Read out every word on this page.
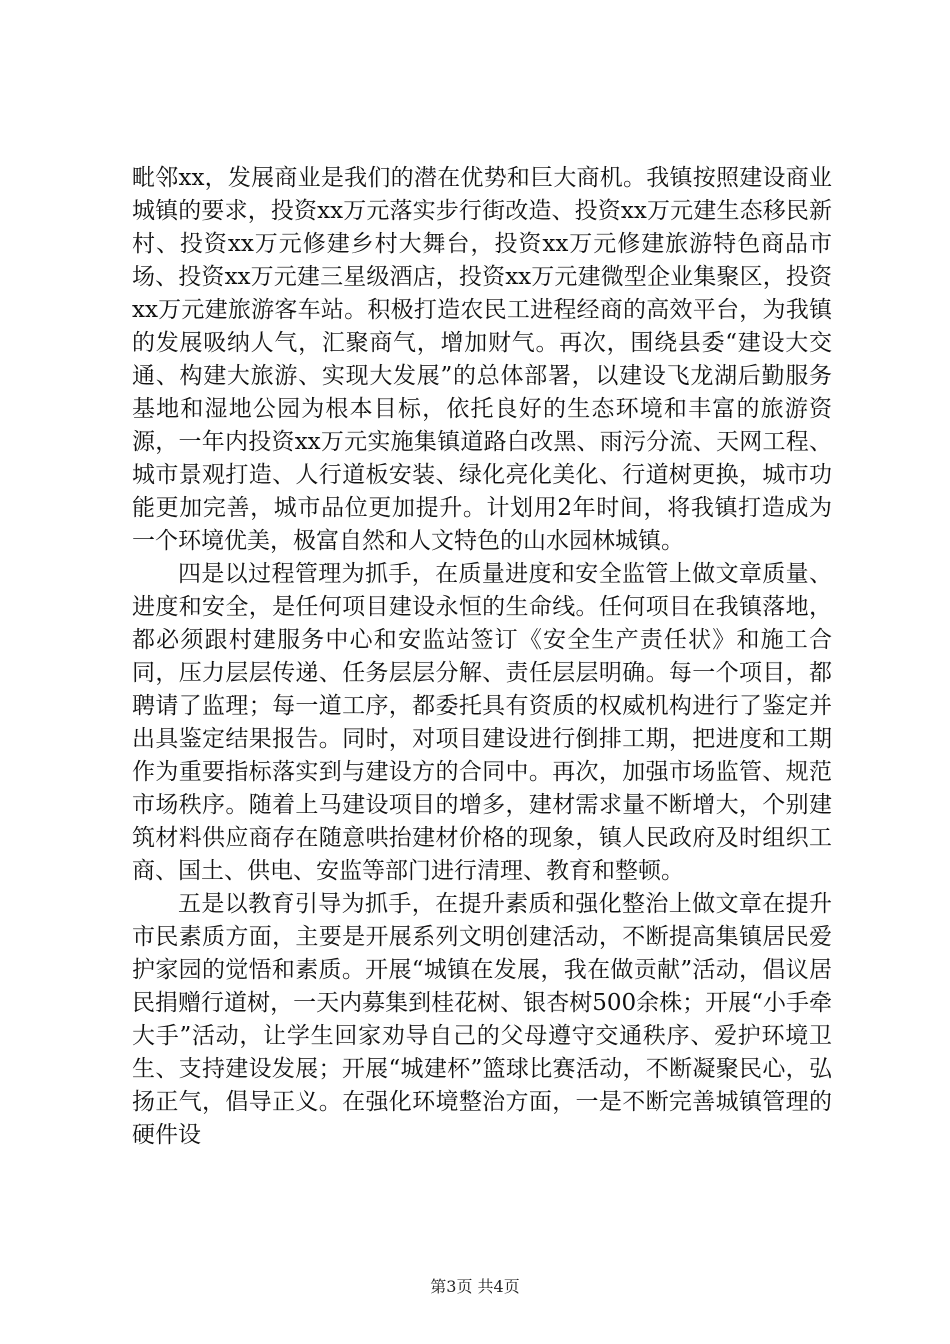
毗邻xx，发展商业是我们的潜在优势和巨大商机。我镇按照建设商业城镇的要求，投资xx万元落实步行街改造、投资xx万元建生态移民新村、投资xx万元修建乡村大舞台，投资xx万元修建旅游特色商品市场、投资xx万元建三星级酒店，投资xx万元建微型企业集聚区，投资xx万元建旅游客车站。积极打造农民工进程经商的高效平台，为我镇的发展吸纳人气，汇聚商气，增加财气。再次，围绕县委“建设大交通、构建大旅游、实现大发展”的总体部署，以建设飞龙湖后勤服务基地和湿地公园为根本目标，依托良好的生态环境和丰富的旅游资源，一年内投资xx万元实施集镇道路白改黑、雨污分流、天网工程、城市景观打造、人行道板安装、绿化亮化美化、行道树更换，城市功能更加完善，城市品位更加提升。计划用2年时间，将我镇打造成为一个环境优美，极富自然和人文特色的山水园林城镇。

四是以过程管理为抓手，在质量进度和安全监管上做文章质量、进度和安全，是任何项目建设永恒的生命线。任何项目在我镇落地，都必须跟村建服务中心和安监站签订《安全生产责任状》和施工合同，压力层层传递、任务层层分解、责任层层明确。每一个项目，都聘请了监理；每一道工序，都委托具有资质的权威机构进行了鉴定并出具鉴定结果报告。同时，对项目建设进行倒排工期，把进度和工期作为重要指标落实到与建设方的合同中。再次，加强市场监管、规范市场秩序。随着上马建设项目的增多，建材需求量不断增大，个别建筑材料供应商存在随意哄抬建材价格的现象，镇人民政府及时组织工商、国土、供电、安监等部门进行清理、教育和整顿。

五是以教育引导为抓手，在提升素质和强化整治上做文章在提升市民素质方面，主要是开展系列文明创建活动，不断提高集镇居民爱护家园的觉悟和素质。开展“城镇在发展，我在做贡献”活动，倡议居民捐赠行道树，一天内募集到桂花树、银杏树500余株；开展“小手牵大手”活动，让学生回家劝导自己的父母遵守交通秩序、爱护环境卫生、支持建设发展；开展“城建杯”篮球比赛活动，不断凝聚民心，弘扬正气，倡导正义。在强化环境整治方面，一是不断完善城镇管理的硬件设

第3页 共4页
